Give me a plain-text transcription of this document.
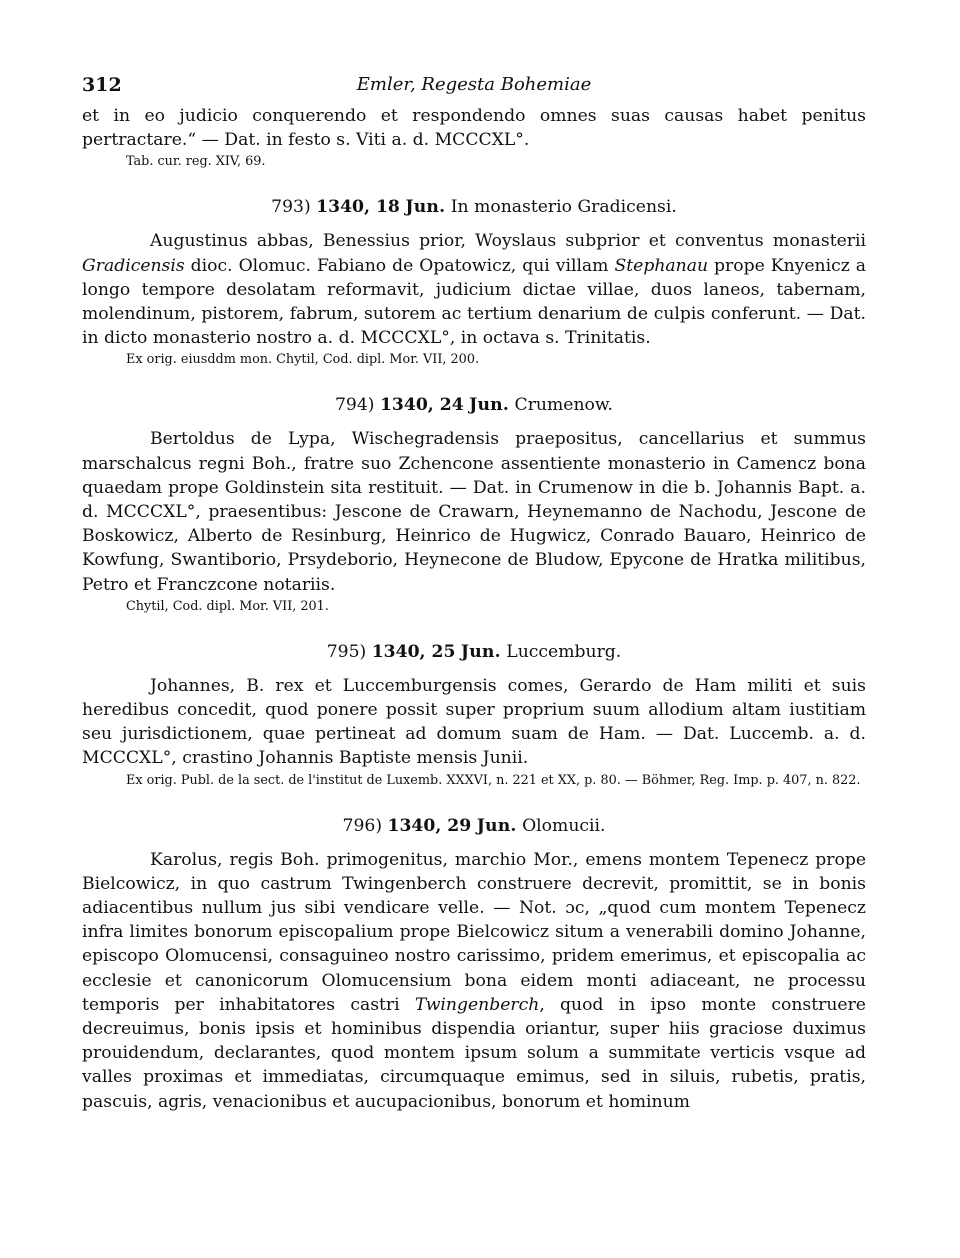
312	Emler, Regesta Bohemiae

et in eo judicio conquerendo et respondendo omnes suas causas habet penitus pertractare.“ — Dat. in festo s. Viti a. d. MCCCXL°.

Tab. cur. reg. XIV, 69.

793) 1340, 18 Jun. In monasterio Gradicensi.

Augustinus abbas, Benessius prior, Woyslaus subprior et conventus monasterii Gradicensis dioc. Olomuc. Fabiano de Opatowicz, qui villam Stephanau prope Knyenicz a longo tempore desolatam reformavit, judicium dictae villae, duos laneos, tabernam, molendinum, pistorem, fabrum, sutorem ac tertium denarium de culpis conferunt. — Dat. in dicto monasterio nostro a. d. MCCCXL°, in octava s. Trinitatis.

Ex orig. eiusddm mon. Chytil, Cod. dipl. Mor. VII, 200.

794) 1340, 24 Jun. Crumenow.

Bertoldus de Lypa, Wischegradensis praepositus, cancellarius et summus marschalcus regni Boh., fratre suo Zchencone assentiente monasterio in Camencz bona quaedam prope Goldinstein sita restituit. — Dat. in Crumenow in die b. Johannis Bapt. a. d. MCCCXL°, praesentibus: Jescone de Crawarn, Heynemanno de Nachodu, Jescone de Boskowicz, Alberto de Resinburg, Heinrico de Hugwicz, Conrado Bauaro, Heinrico de Kowfung, Swantiborio, Prsydeborio, Heynecone de Bludow, Epycone de Hratka militibus, Petro et Franczcone notariis.

Chytil, Cod. dipl. Mor. VII, 201.

795) 1340, 25 Jun. Luccemburg.

Johannes, B. rex et Luccemburgensis comes, Gerardo de Ham militi et suis heredibus concedit, quod ponere possit super proprium suum allodium altam iustitiam seu jurisdictionem, quae pertineat ad domum suam de Ham. — Dat. Luccemb. a. d. MCCCXL°, crastino Johannis Baptiste mensis Junii.

Ex orig. Publ. de la sect. de l'institut de Luxemb. XXXVI, n. 221 et XX, p. 80. — Böhmer, Reg. Imp. p. 407, n. 822.

796) 1340, 29 Jun. Olomucii.

Karolus, regis Boh. primogenitus, marchio Mor., emens montem Tepenecz prope Bielcowicz, in quo castrum Twingenberch construere decrevit, promittit, se in bonis adiacentibus nullum jus sibi vendicare velle. — Not. ɔc, „quod cum montem Tepenecz infra limites bonorum episcopalium prope Bielcowicz situm a venerabili domino Johanne, episcopo Olomucensi, consaguineo nostro carissimo, pridem emerimus, et episcopalia ac ecclesie et canonicorum Olomucensium bona eidem monti adiaceant, ne processu temporis per inhabitatores castri Twingenberch, quod in ipso monte construere decreuimus, bonis ipsis et hominibus dispendia oriantur, super hiis graciose duximus prouidendum, declarantes, quod montem ipsum solum a summitate verticis vsque ad valles proximas et immediatas, circumquaque emimus, sed in siluis, rubetis, pratis, pascuis, agris, venacionibus et aucupacionibus, bonorum et hominum
